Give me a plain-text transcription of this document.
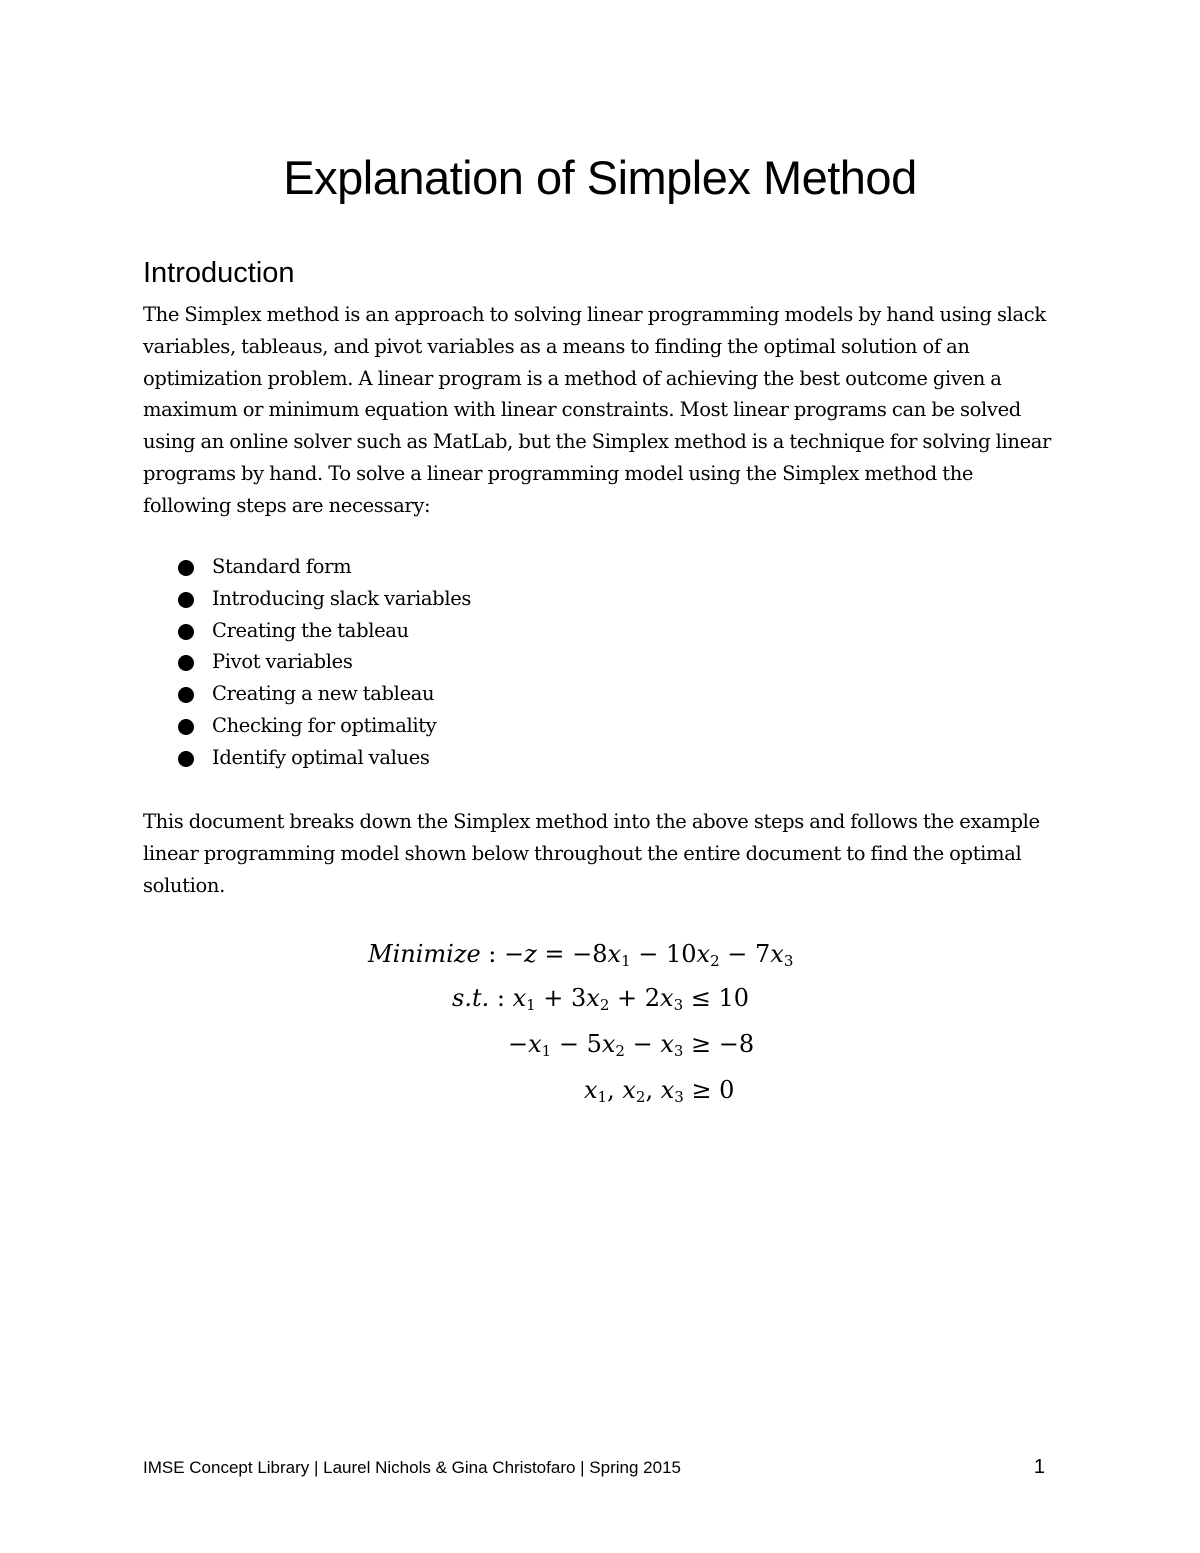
Explanation of Simplex Method
Introduction

The Simplex method is an approach to solving linear programming models by hand using slack variables, tableaus, and pivot variables as a means to finding the optimal solution of an optimization problem. A linear program is a method of achieving the best outcome given a maximum or minimum equation with linear constraints. Most linear programs can be solved using an online solver such as MatLab, but the Simplex method is a technique for solving linear programs by hand. To solve a linear programming model using the Simplex method the following steps are necessary:

Standard form
Introducing slack variables
Creating the tableau
Pivot variables
Creating a new tableau
Checking for optimality
Identify optimal values

This document breaks down the Simplex method into the above steps and follows the example linear programming model shown below throughout the entire document to find the optimal solution.

Minimize : $-z = -8x_1 - 10x_2 - 7x_3$
s.t. : $x_1 + 3x_2 + 2x_3 \le 10$
$-x_1 - 5x_2 - x_3 \ge -8$
$x_1$, $x_2$, $x_3 \ge 0$

IMSE Concept Library | Laurel Nichols & Gina Christofaro | Spring 2015	1
